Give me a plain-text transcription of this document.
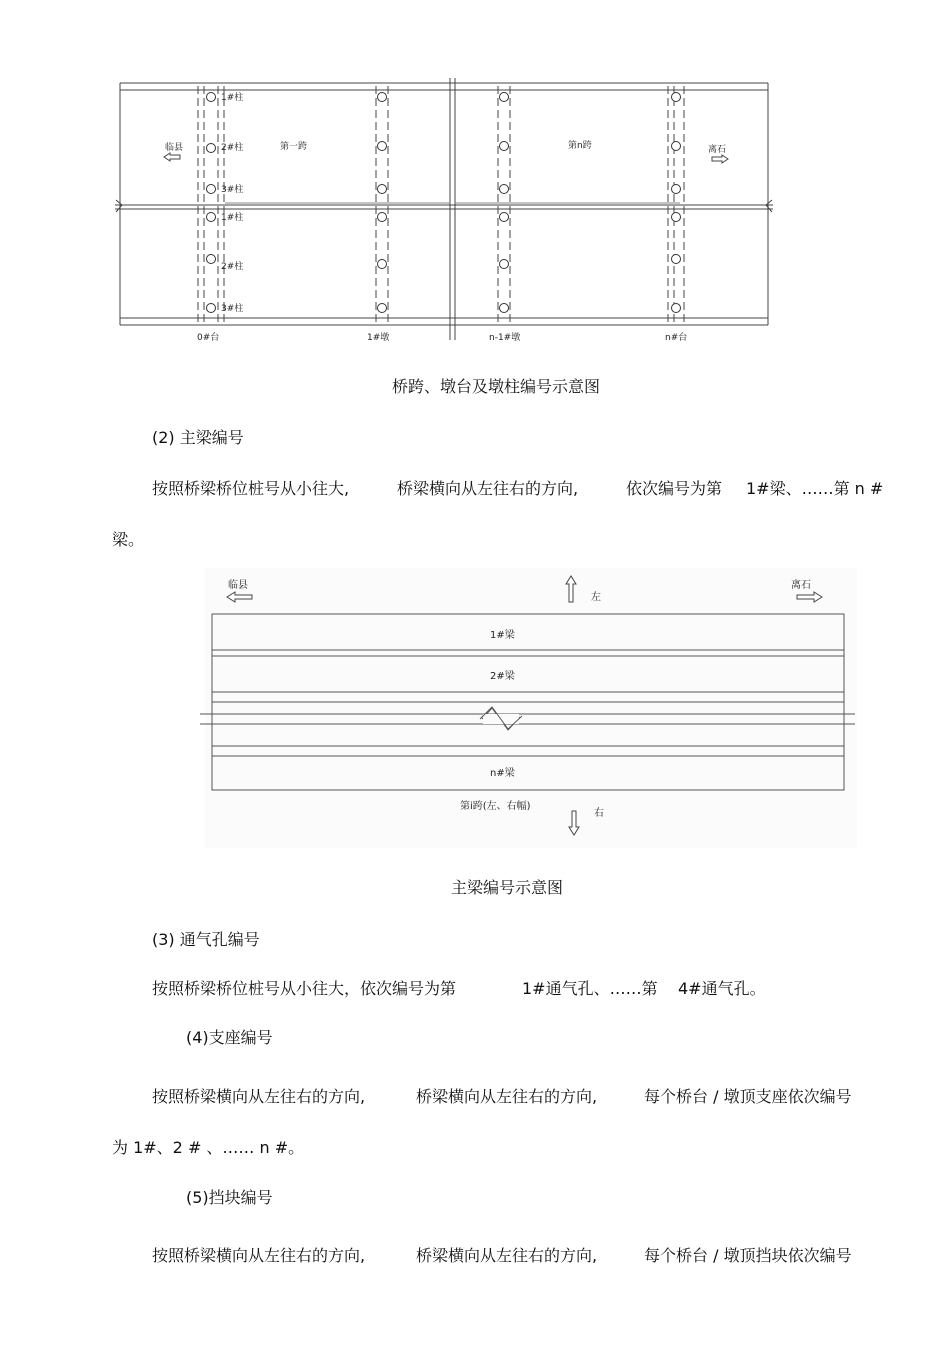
临县	离石
第一跨	第n跨
1#柱
2#柱
3#柱
1#柱
2#柱
3#柱
0#台	1#墩	n-1#墩	n#台
桥跨、墩台及墩柱编号示意图
(2) 主梁编号
按照桥梁桥位桩号从小往大,	桥梁横向从左往右的方向,	依次编号为第 1#梁、……第 n #
梁。
临县	离石
左
右
1#梁
2#梁
n#梁
第i跨(左、右幅)
主梁编号示意图
(3) 通气孔编号
按照桥梁桥位桩号从小往大，依次编号为第	1#通气孔、……第 4#通气孔。
(4)支座编号
按照桥梁横向从左往右的方向,	桥梁横向从左往右的方向,	每个桥台 / 墩顶支座依次编号
为 1#、2 # 、…… n #。
(5)挡块编号
按照桥梁横向从左往右的方向,	桥梁横向从左往右的方向,	每个桥台 / 墩顶挡块依次编号
